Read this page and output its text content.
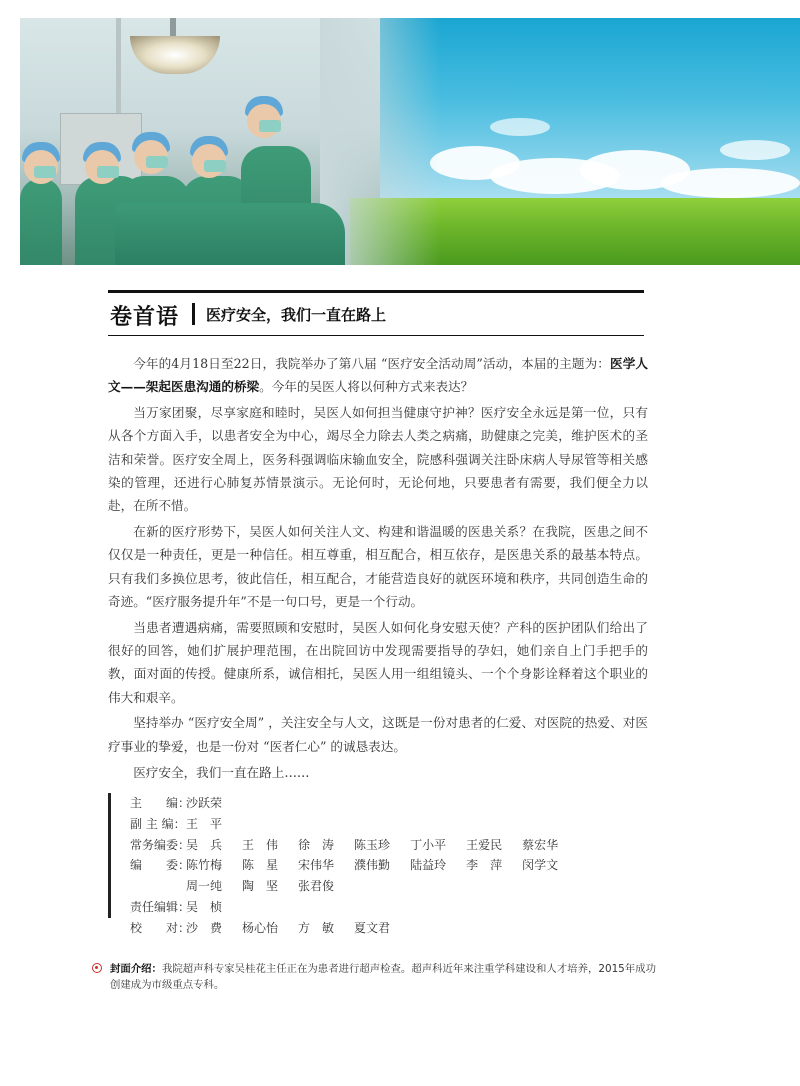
卷首语 医疗安全，我们一直在路上

今年的4月18日至22日，我院举办了第八届 “医疗安全活动周”活动，本届的主题为：医学人文——架起医患沟通的桥梁。今年的吴医人将以何种方式来表达？

当万家团聚，尽享家庭和睦时，吴医人如何担当健康守护神？医疗安全永远是第一位，只有从各个方面入手，以患者安全为中心，竭尽全力除去人类之病痛，助健康之完美，维护医术的圣洁和荣誉。医疗安全周上，医务科强调临床输血安全，院感科强调关注卧床病人导尿管等相关感染的管理，还进行心肺复苏情景演示。无论何时，无论何地，只要患者有需要，我们便全力以赴，在所不惜。

在新的医疗形势下，吴医人如何关注人文、构建和谐温暖的医患关系？在我院，医患之间不仅仅是一种责任，更是一种信任。相互尊重，相互配合，相互依存，是医患关系的最基本特点。只有我们多换位思考，彼此信任，相互配合，才能营造良好的就医环境和秩序，共同创造生命的奇迹。“医疗服务提升年”不是一句口号，更是一个行动。

当患者遭遇病痛，需要照顾和安慰时，吴医人如何化身安慰天使？产科的医护团队们给出了很好的回答，她们扩展护理范围，在出院回访中发现需要指导的孕妇，她们亲自上门手把手的教，面对面的传授。健康所系，诚信相托，吴医人用一组组镜头、一个个身影诠释着这个职业的伟大和艰辛。

坚持举办 “医疗安全周” ，关注安全与人文，这既是一份对患者的仁爱、对医院的热爱、对医疗事业的挚爱，也是一份对 “医者仁心” 的诚恳表达。

医疗安全，我们一直在路上……

主　　编：沙跃荣
副 主 编：王　平
常务编委：吴　兵 王　伟 徐　涛 陈玉珍 丁小平 王爱民 蔡宏华
编　　委：陈竹梅 陈　星 宋伟华 濮伟勤 陆益玲 李　萍 闵学文
周一纯 陶　坚 张君俊
责任编辑：吴　桢
校　　对：沙　费 杨心怡 方　敏 夏文君
封面介绍：我院超声科专家吴桂花主任正在为患者进行超声检查。超声科近年来注重学科建设和人才培养，2015年成功创建成为市级重点专科。
